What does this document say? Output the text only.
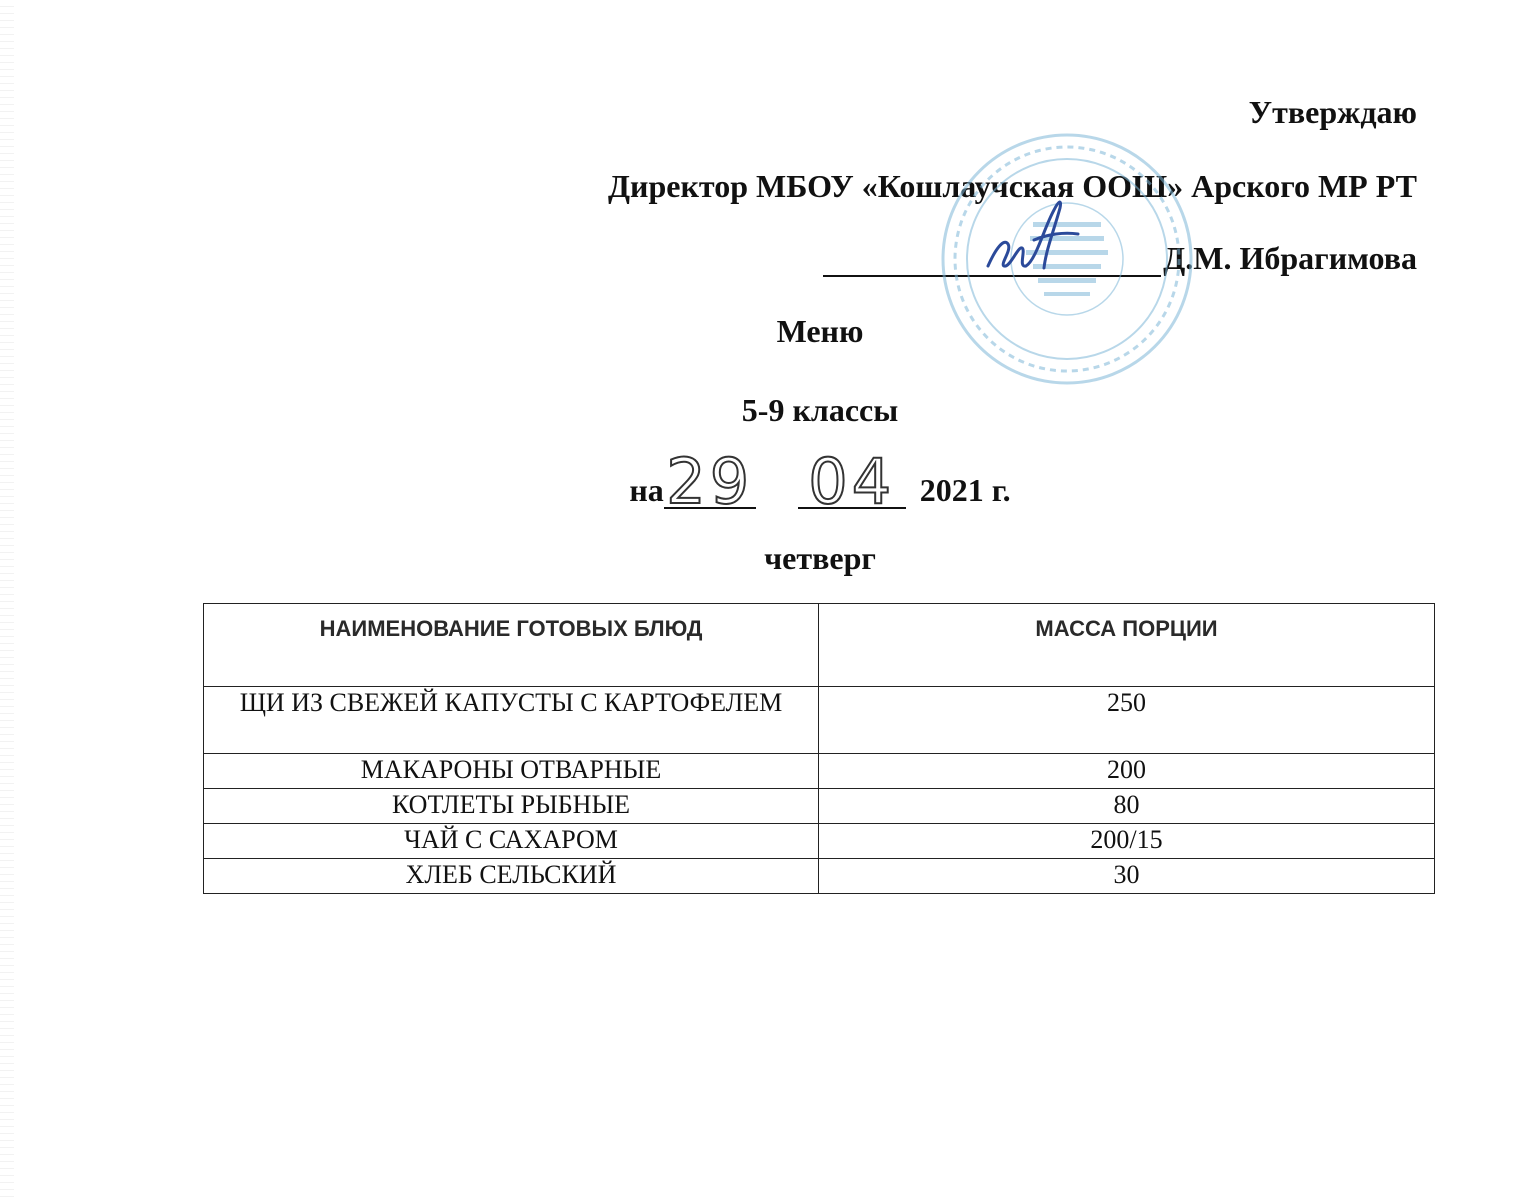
Утверждаю
Директор МБОУ «Кошлаучская ООШ» Арского МР РТ
Д.М. Ибрагимова
Меню
5-9 классы
на 29 04 2021 г.
четверг
НАИМЕНОВАНИЕ ГОТОВЫХ БЛЮД	МАССА ПОРЦИИ
ЩИ ИЗ СВЕЖЕЙ КАПУСТЫ С КАРТОФЕЛЕМ	250
МАКАРОНЫ ОТВАРНЫЕ	200
КОТЛЕТЫ РЫБНЫЕ	80
ЧАЙ С САХАРОМ	200/15
ХЛЕБ СЕЛЬСКИЙ	30
